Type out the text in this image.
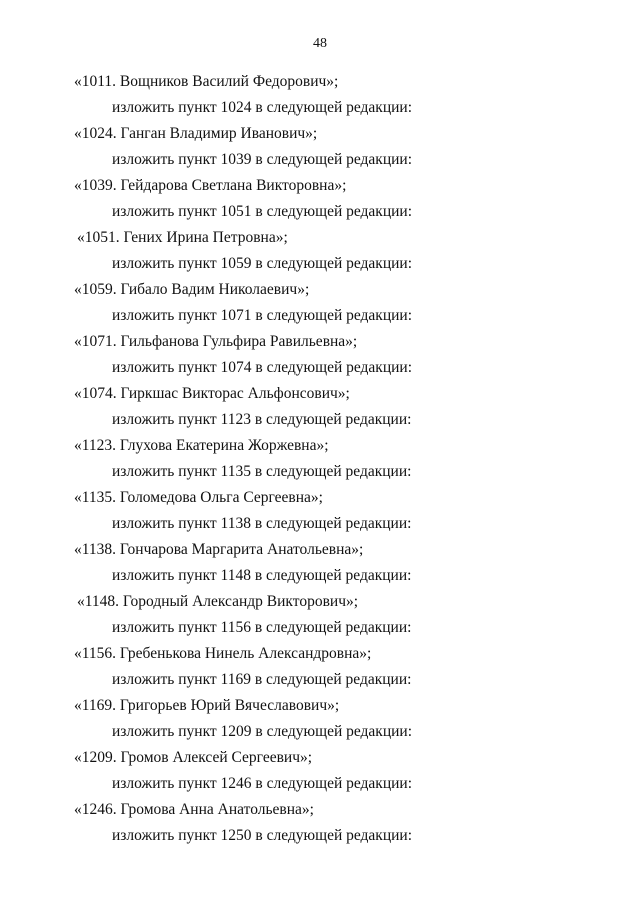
48
«1011. Вощников Василий Федорович»;
изложить пункт 1024 в следующей редакции:
«1024. Ганган Владимир Иванович»;
изложить пункт 1039 в следующей редакции:
«1039. Гейдарова Светлана Викторовна»;
изложить пункт 1051 в следующей редакции:
«1051. Гених Ирина Петровна»;
изложить пункт 1059 в следующей редакции:
«1059. Гибало Вадим Николаевич»;
изложить пункт 1071 в следующей редакции:
«1071. Гильфанова Гульфира Равильевна»;
изложить пункт 1074 в следующей редакции:
«1074. Гиркшас Викторас Альфонсович»;
изложить пункт 1123 в следующей редакции:
«1123. Глухова Екатерина Жоржевна»;
изложить пункт 1135 в следующей редакции:
«1135. Голомедова Ольга Сергеевна»;
изложить пункт 1138 в следующей редакции:
«1138. Гончарова Маргарита Анатольевна»;
изложить пункт 1148 в следующей редакции:
«1148. Городный Александр Викторович»;
изложить пункт 1156 в следующей редакции:
«1156. Гребенькова Нинель Александровна»;
изложить пункт 1169 в следующей редакции:
«1169. Григорьев Юрий Вячеславович»;
изложить пункт 1209 в следующей редакции:
«1209. Громов Алексей Сергеевич»;
изложить пункт 1246 в следующей редакции:
«1246. Громова Анна Анатольевна»;
изложить пункт 1250 в следующей редакции:
